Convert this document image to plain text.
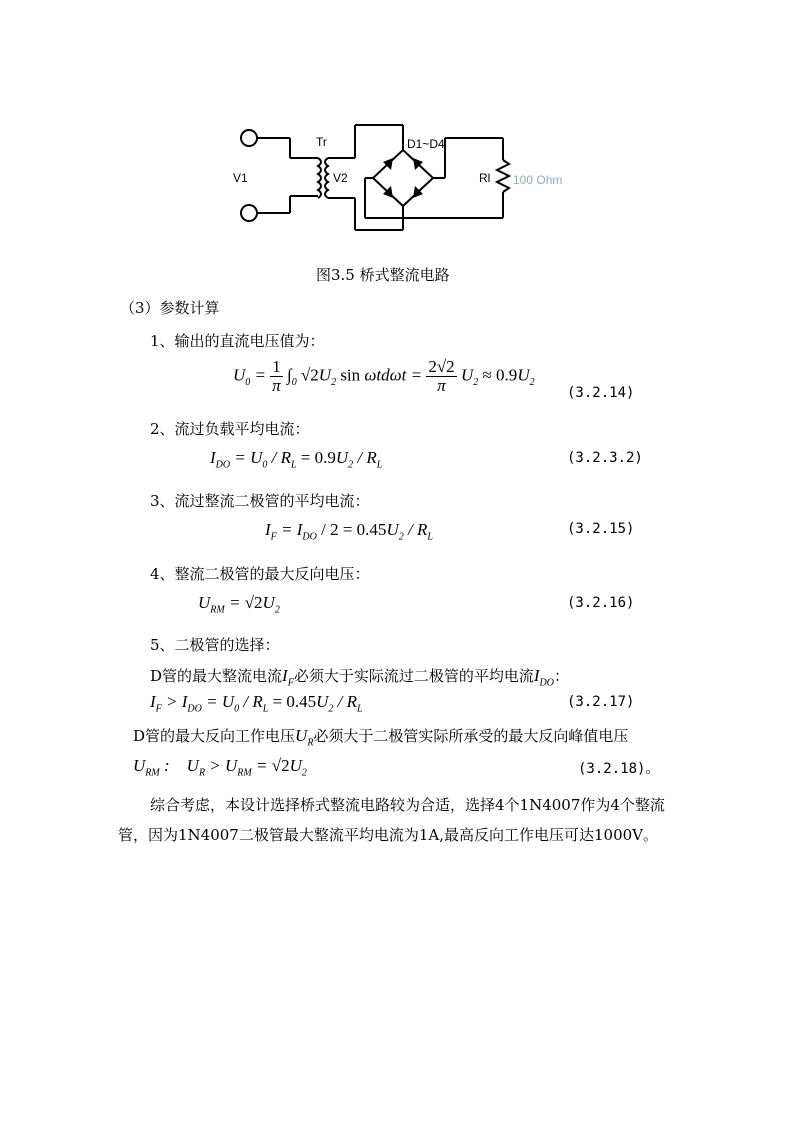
V1
Tr
V2
D1~D4
Rl 100 Ohm
图3.5 桥式整流电路
（3）参数计算
1、输出的直流电压值为：
$U_0 = \frac{1}{\pi} \int_0$ $√2U_2$ $\sin \omega td\omega t = \frac{2√2}{\pi} U_2 \approx 0.9U_2$
(3.2.14)
2、流过负载平均电流：
$I_{DO} = U_0 / R_L = 0.9U_2 / R_L$	(3.2.3.2)
3、流过整流二极管的平均电流：
$I_F = I_{DO} / 2 = 0.45U_2 / R_L$	(3.2.15)
4、整流二极管的最大反向电压：
$U_{RM} = √2U_2$	(3.2.16)
5、二极管的选择：
D管的最大整流电流$I_F$必须大于实际流过二极管的平均电流$I_{DO}$：
$I_F > I_{DO} = U_0 / R_L = 0.45U_2 / R_L$	(3.2.17)
D管的最大反向工作电压$U_R$必须大于二极管实际所承受的最大反向峰值电压
$U_{RM}$ :    $U_R > U_{RM} = √2U_2$	(3.2.18)。
综合考虑，本设计选择桥式整流电路较为合适，选择4个1N4007作为4个整流
管，因为1N4007二极管最大整流平均电流为1A,最高反向工作电压可达1000V。
